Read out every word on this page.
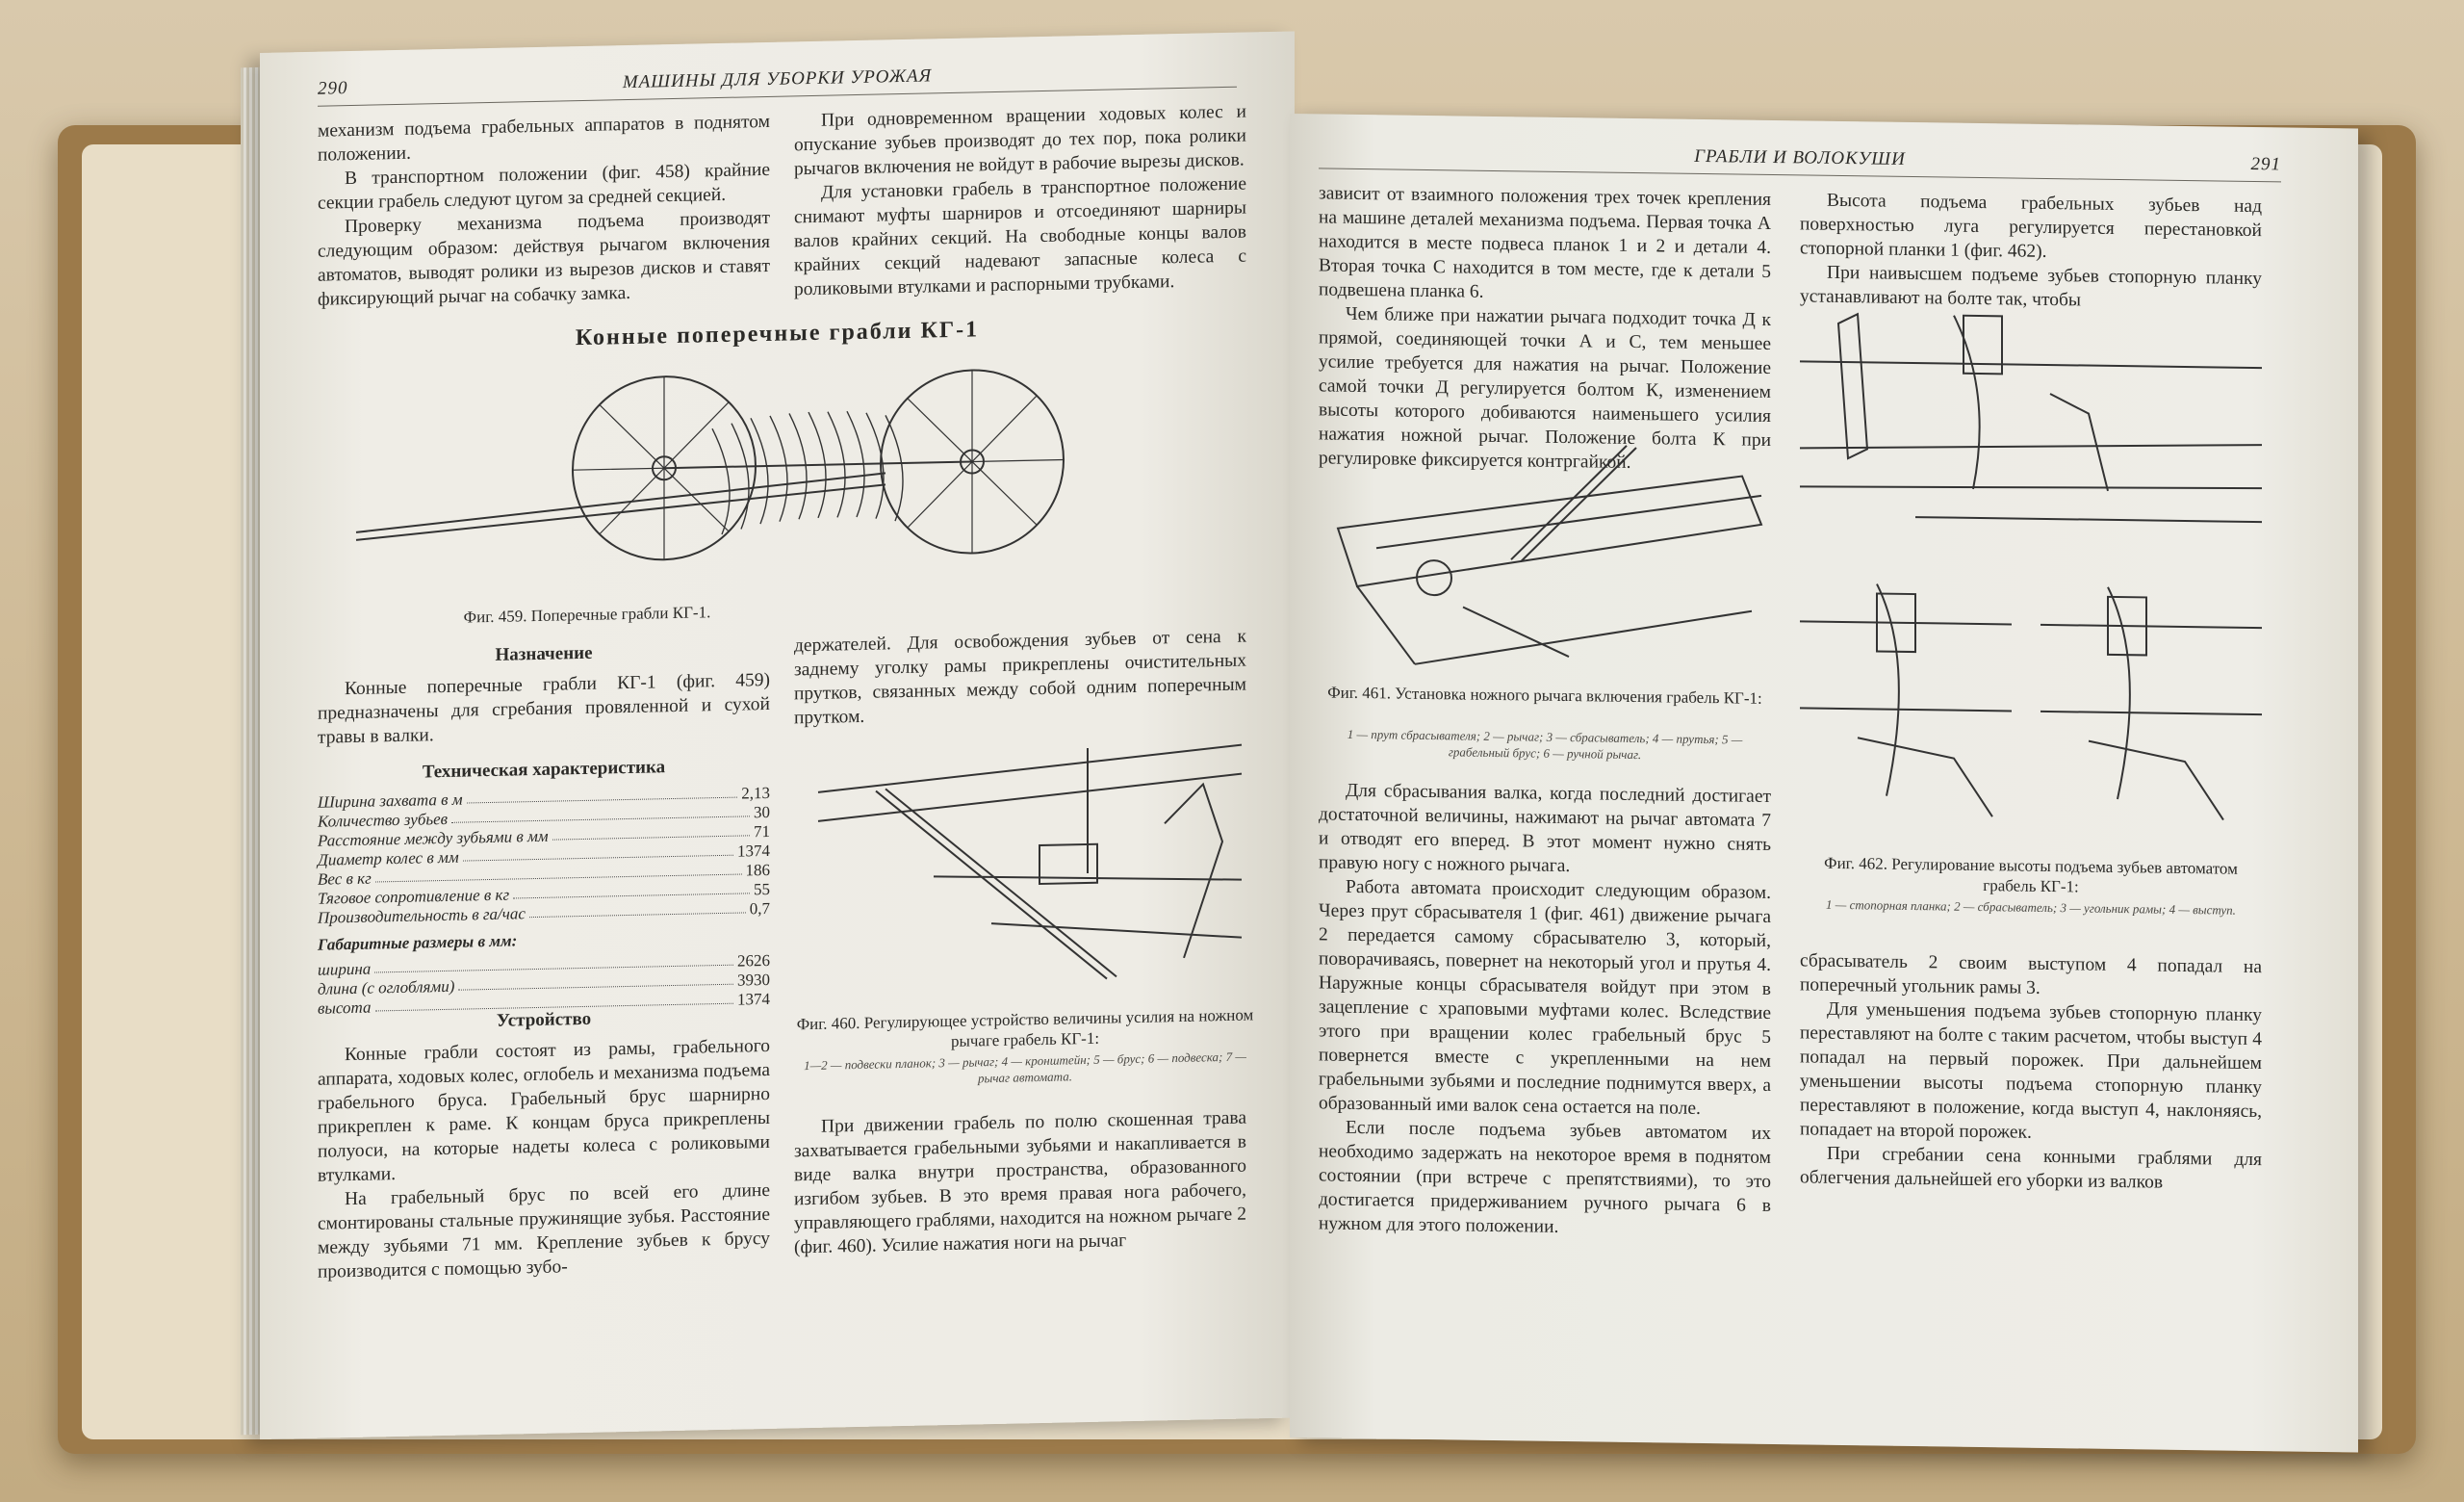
290	МАШИНЫ ДЛЯ УБОРКИ УРОЖАЯ

механизм подъема грабельных аппаратов в поднятом положении.

В транспортном положении (фиг. 458) крайние секции грабель следуют цугом за средней секцией.

Проверку механизма подъема производят следующим образом: действуя рычагом включения автоматов, выводят ролики из вырезов дисков и ставят фиксирующий рычаг на собачку замка.

При одновременном вращении ходовых колес и опускание зубьев производят до тех пор, пока ролики рычагов включения не войдут в рабочие вырезы дисков.

Для установки грабель в транспортное положение снимают муфты шарниров и отсоединяют шарниры валов крайних секций. На свободные концы валов крайних секций надевают запасные колеса с роликовыми втулками и распорными трубками.

Конные поперечные грабли КГ-1
Фиг. 459. Поперечные грабли КГ-1.
Назначение

Конные поперечные грабли КГ-1 (фиг. 459) предназначены для сгребания провяленной и сухой травы в валки.

держателей. Для освобождения зубьев от сена к заднему уголку рамы прикреплены очистительных прутков, связанных между собой одним поперечным прутком.

Техническая характеристика
Ширина захвата в м	2,13
Количество зубьев	30
Расстояние между зубьями в мм	71
Диаметр колес в мм	1374
Вес в кг	186
Тяговое сопротивление в кг	55
Производительность в га/час	0,7
Габаритные размеры в мм:
ширина	2626
длина (с оглоблями)	3930
высота	1374
Фиг. 460. Регулирующее устройство величины усилия на ножном рычаге грабель КГ-1:
1—2 — подвески планок; 3 — рычаг; 4 — кронштейн; 5 — брус; 6 — подвеска; 7 — рычаг автомата.
Устройство

Конные грабли состоят из рамы, грабельного аппарата, ходовых колес, оглобель и механизма подъема грабельного бруса. Грабельный брус шарнирно прикреплен к раме. К концам бруса прикреплены полуоси, на которые надеты колеса с роликовыми втулками.

На грабельный брус по всей его длине смонтированы стальные пружинящие зубья. Расстояние между зубьями 71 мм. Крепление зубьев к брусу производится с помощью зубо-

При движении грабель по полю скошенная трава захватывается грабельными зубьями и накапливается в виде валка внутри пространства, образованного изгибом зубьев. В это время правая нога рабочего, управляющего граблями, находится на ножном рычаге 2 (фиг. 460). Усилие нажатия ноги на рычаг

ГРАБЛИ И ВОЛОКУШИ	291

зависит от взаимного положения трех точек крепления на машине деталей механизма подъема. Первая точка А находится в месте подвеса планок 1 и 2 и детали 4. Вторая точка С находится в том месте, где к детали 5 подвешена планка 6.

Чем ближе при нажатии рычага подходит точка Д к прямой, соединяющей точки А и С, тем меньшее усилие требуется для нажатия на рычаг. Положение самой точки Д регулируется болтом К, изменением высоты которого добиваются наименьшего усилия нажатия ножной рычаг. Положение болта К при регулировке фиксируется контргайкой.

Высота подъема грабельных зубьев над поверхностью луга регулируется перестановкой стопорной планки 1 (фиг. 462).

При наивысшем подъеме зубьев стопорную планку устанавливают на болте так, чтобы

Фиг. 461. Установка ножного рычага включения грабель КГ-1:
1 — прут сбрасывателя; 2 — рычаг; 3 — сбрасыватель; 4 — прутья; 5 — грабельный брус; 6 — ручной рычаг.

Для сбрасывания валка, когда последний достигает достаточной величины, нажимают на рычаг автомата 7 и отводят его вперед. В этот момент нужно снять правую ногу с ножного рычага.

Работа автомата происходит следующим образом. Через прут сбрасывателя 1 (фиг. 461) движение рычага 2 передается самому сбрасывателю 3, который, поворачиваясь, повернет на некоторый угол и прутья 4. Наружные концы сбрасывателя войдут при этом в зацепление с храповыми муфтами колес. Вследствие этого при вращении колес грабельный брус 5 повернется вместе с укрепленными на нем грабельными зубьями и последние поднимутся вверх, а образованный ими валок сена остается на поле.

Если после подъема зубьев автоматом их необходимо задержать на некоторое время в поднятом состоянии (при встрече с препятствиями), то это достигается придерживанием ручного рычага 6 в нужном для этого положении.

Фиг. 462. Регулирование высоты подъема зубьев автоматом грабель КГ-1:
1 — стопорная планка; 2 — сбрасыватель; 3 — угольник рамы; 4 — выступ.

сбрасыватель 2 своим выступом 4 попадал на поперечный угольник рамы 3.

Для уменьшения подъема зубьев стопорную планку переставляют на болте с таким расчетом, чтобы выступ 4 попадал на первый порожек. При дальнейшем уменьшении высоты подъема стопорную планку переставляют в положение, когда выступ 4, наклоняясь, попадает на второй порожек.

При сгребании сена конными граблями для облегчения дальнейшей его уборки из валков
